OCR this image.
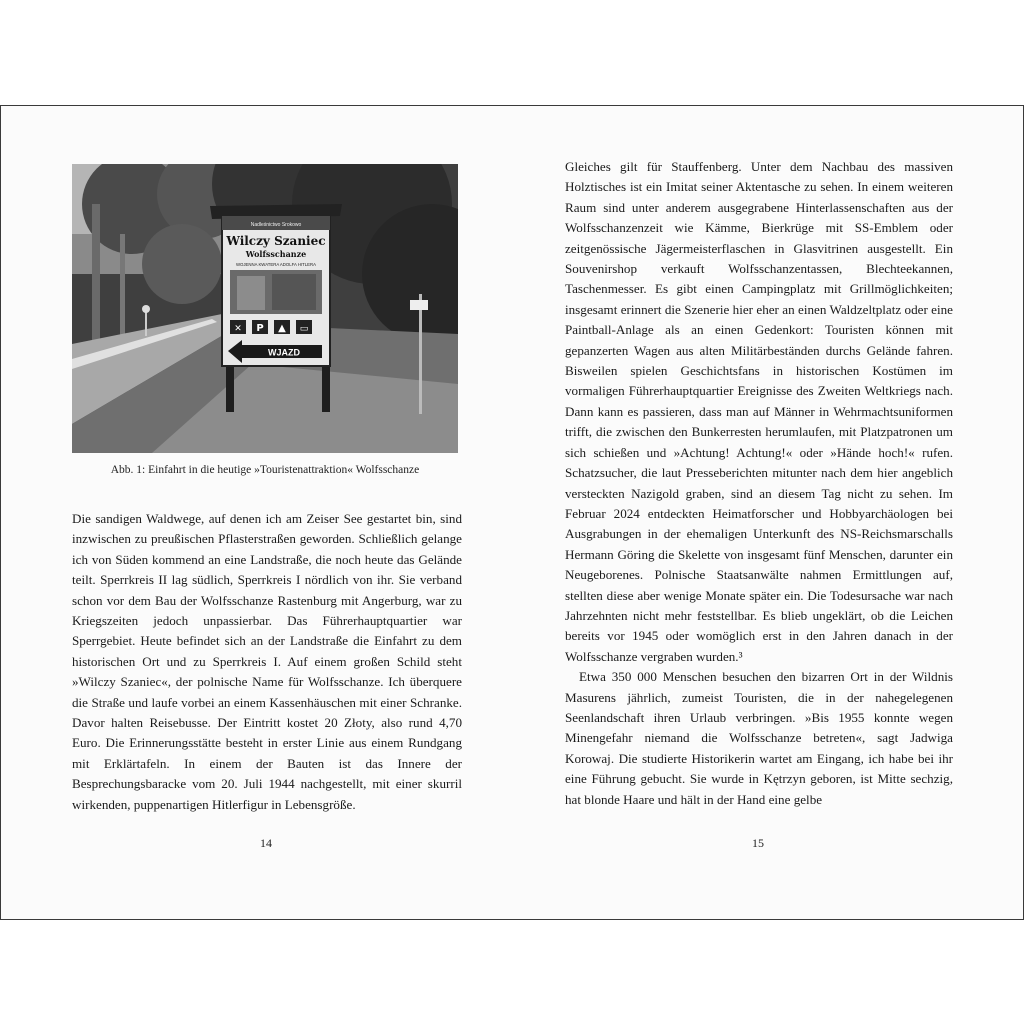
Nadleśnictwo Srokowo
Wilczy Szaniec
Wolfsschanze
WOJENNA KWATERA ADOLFA HITLERA
✕ P ▲ ▭
WJAZD
Abb. 1: Einfahrt in die heutige »Touristenattraktion« Wolfsschanze

Die sandigen Waldwege, auf denen ich am Zeiser See gestartet bin, sind inzwischen zu preußischen Pflasterstraßen geworden. Schließlich gelange ich von Süden kommend an eine Landstraße, die noch heute das Gelände teilt. Sperrkreis II lag südlich, Sperrkreis I nördlich von ihr. Sie verband schon vor dem Bau der Wolfsschanze Rastenburg mit Angerburg, war zu Kriegszeiten jedoch unpassierbar. Das Führerhauptquartier war Sperrgebiet. Heute befindet sich an der Landstraße die Einfahrt zu dem historischen Ort und zu Sperrkreis I. Auf einem großen Schild steht »Wilczy Szaniec«, der polnische Name für Wolfsschanze. Ich überquere die Straße und laufe vorbei an einem Kassenhäuschen mit einer Schranke. Davor halten Reisebusse. Der Eintritt kostet 20 Złoty, also rund 4,70 Euro. Die Erinnerungsstätte besteht in erster Linie aus einem Rundgang mit Erklärtafeln. In einem der Bauten ist das Innere der Besprechungsbaracke vom 20. Juli 1944 nachgestellt, mit einer skurril wirkenden, puppenartigen Hitlerfigur in Lebensgröße.

14

Gleiches gilt für Stauffenberg. Unter dem Nachbau des massiven Holztisches ist ein Imitat seiner Aktentasche zu sehen. In einem weiteren Raum sind unter anderem ausgegrabene Hinterlassenschaften aus der Wolfsschanzenzeit wie Kämme, Bierkrüge mit SS-Emblem oder zeitgenössische Jägermeisterflaschen in Glasvitrinen ausgestellt. Ein Souvenirshop verkauft Wolfsschanzentassen, Blechteekannen, Taschenmesser. Es gibt einen Campingplatz mit Grillmöglichkeiten; insgesamt erinnert die Szenerie hier eher an einen Waldzeltplatz oder eine Paintball-Anlage als an einen Gedenkort: Touristen können mit gepanzerten Wagen aus alten Militärbeständen durchs Gelände fahren. Bisweilen spielen Geschichtsfans in historischen Kostümen im vormaligen Führerhauptquartier Ereignisse des Zweiten Weltkriegs nach. Dann kann es passieren, dass man auf Männer in Wehrmachtsuniformen trifft, die zwischen den Bunkerresten herumlaufen, mit Platzpatronen um sich schießen und »Achtung! Achtung!« oder »Hände hoch!« rufen. Schatzsucher, die laut Presseberichten mitunter nach dem hier angeblich versteckten Nazigold graben, sind an diesem Tag nicht zu sehen. Im Februar 2024 entdeckten Heimatforscher und Hobbyarchäologen bei Ausgrabungen in der ehemaligen Unterkunft des NS-Reichsmarschalls Hermann Göring die Skelette von insgesamt fünf Menschen, darunter ein Neugeborenes. Polnische Staatsanwälte nahmen Ermittlungen auf, stellten diese aber wenige Monate später ein. Die Todesursache war nach Jahrzehnten nicht mehr feststellbar. Es blieb ungeklärt, ob die Leichen bereits vor 1945 oder womöglich erst in den Jahren danach in der Wolfsschanze vergraben wurden.³

Etwa 350 000 Menschen besuchen den bizarren Ort in der Wildnis Masurens jährlich, zumeist Touristen, die in der nahegelegenen Seenlandschaft ihren Urlaub verbringen. »Bis 1955 konnte wegen Minengefahr niemand die Wolfsschanze betreten«, sagt Jadwiga Korowaj. Die studierte Historikerin wartet am Eingang, ich habe bei ihr eine Führung gebucht. Sie wurde in Kętrzyn geboren, ist Mitte sechzig, hat blonde Haare und hält in der Hand eine gelbe

15
